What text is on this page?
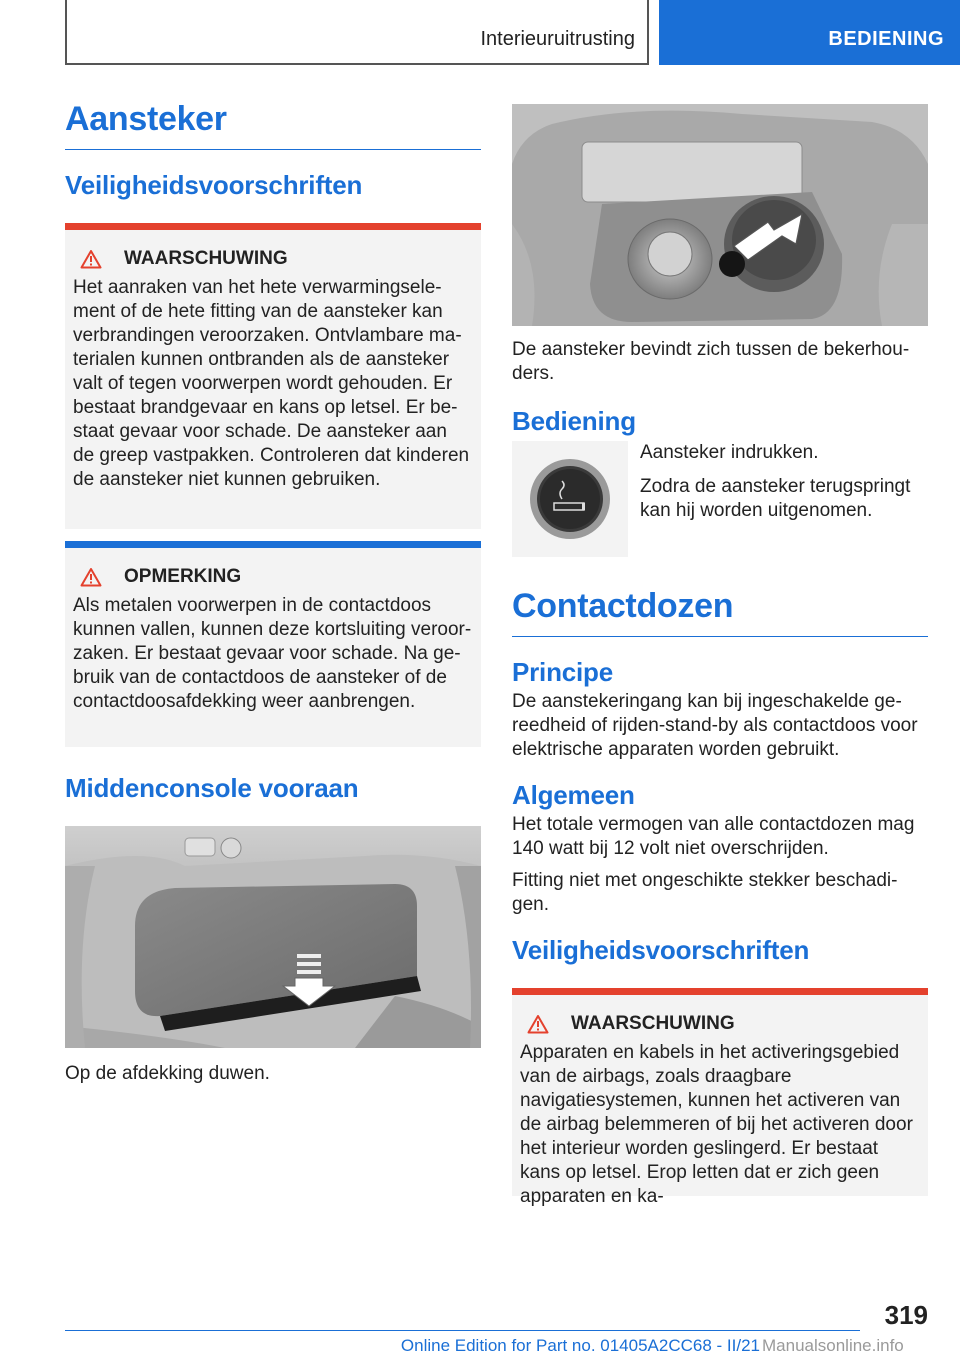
Interieuruitrusting	BEDIENING
Aansteker
Veiligheidsvoorschriften
WAARSCHUWING
Het aanraken van het hete verwarmingselement of de hete fitting van de aansteker kan verbrandingen veroorzaken. Ontvlambare materialen kunnen ontbranden als de aansteker valt of tegen voorwerpen wordt gehouden. Er bestaat brandgevaar en kans op letsel. Er bestaat gevaar voor schade. De aansteker aan de greep vastpakken. Controleren dat kinderen de aansteker niet kunnen gebruiken.
OPMERKING
Als metalen voorwerpen in de contactdoos kunnen vallen, kunnen deze kortsluiting veroorzaken. Er bestaat gevaar voor schade. Na gebruik van de contactdoos de aansteker of de contactdoosafdekking weer aanbrengen.
Middenconsole vooraan
Op de afdekking duwen.
De aansteker bevindt zich tussen de bekerhouders.
Bediening
Aansteker indrukken.
Zodra de aansteker terugspringt kan hij worden uitgenomen.
Contactdozen
Principe
De aanstekeringang kan bij ingeschakelde gereedheid of rijden-stand-by als contactdoos voor elektrische apparaten worden gebruikt.
Algemeen
Het totale vermogen van alle contactdozen mag 140 watt bij 12 volt niet overschrijden.
Fitting niet met ongeschikte stekker beschadigen.
Veiligheidsvoorschriften
WAARSCHUWING
Apparaten en kabels in het activeringsgebied van de airbags, zoals draagbare navigatiesystemen, kunnen het activeren van de airbag belemmeren of bij het activeren door het interieur worden geslingerd. Er bestaat kans op letsel. Erop letten dat er zich geen apparaten en ka-
319
Online Edition for Part no. 01405A2CC68 - II/21 Manualsonline.info
